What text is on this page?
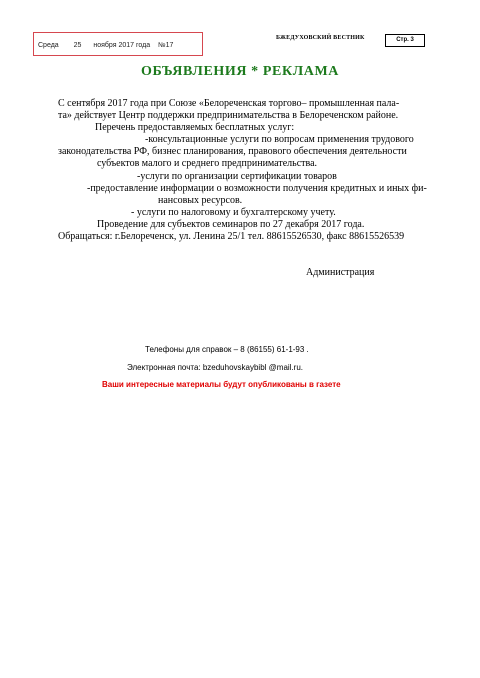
Среда 25 ноября 2017 года №17
БЖЕДУХОВСКИЙ ВЕСТНИК	Стр. 3
ОБЪЯВЛЕНИЯ * РЕКЛАМА
С сентября 2017 года при Союзе «Белореченская торгово– промышленная пала-
та» действует Центр поддержки предпринимательства в Белореченском районе.
Перечень предоставляемых бесплатных услуг:
-консультационные услуги по вопросам применения трудового
законодательства РФ, бизнес планирования, правового обеспечения деятельности
субъектов малого и среднего предпринимательства.
-услуги по организации сертификации товаров
-предоставление информации о возможности получения кредитных и иных фи-
нансовых ресурсов.
- услуги по налоговому и бухгалтерскому учету.
Проведение для субъектов семинаров по 27 декабря 2017 года.
Обращаться: г.Белореченск, ул. Ленина 25/1 тел. 88615526530, факс 88615526539
Администрация
Телефоны для справок – 8 (86155) 61-1-93 .
Электронная почта: bzeduhovskaybibl @mail.ru.
Ваши интересные материалы будут опубликованы в газете
